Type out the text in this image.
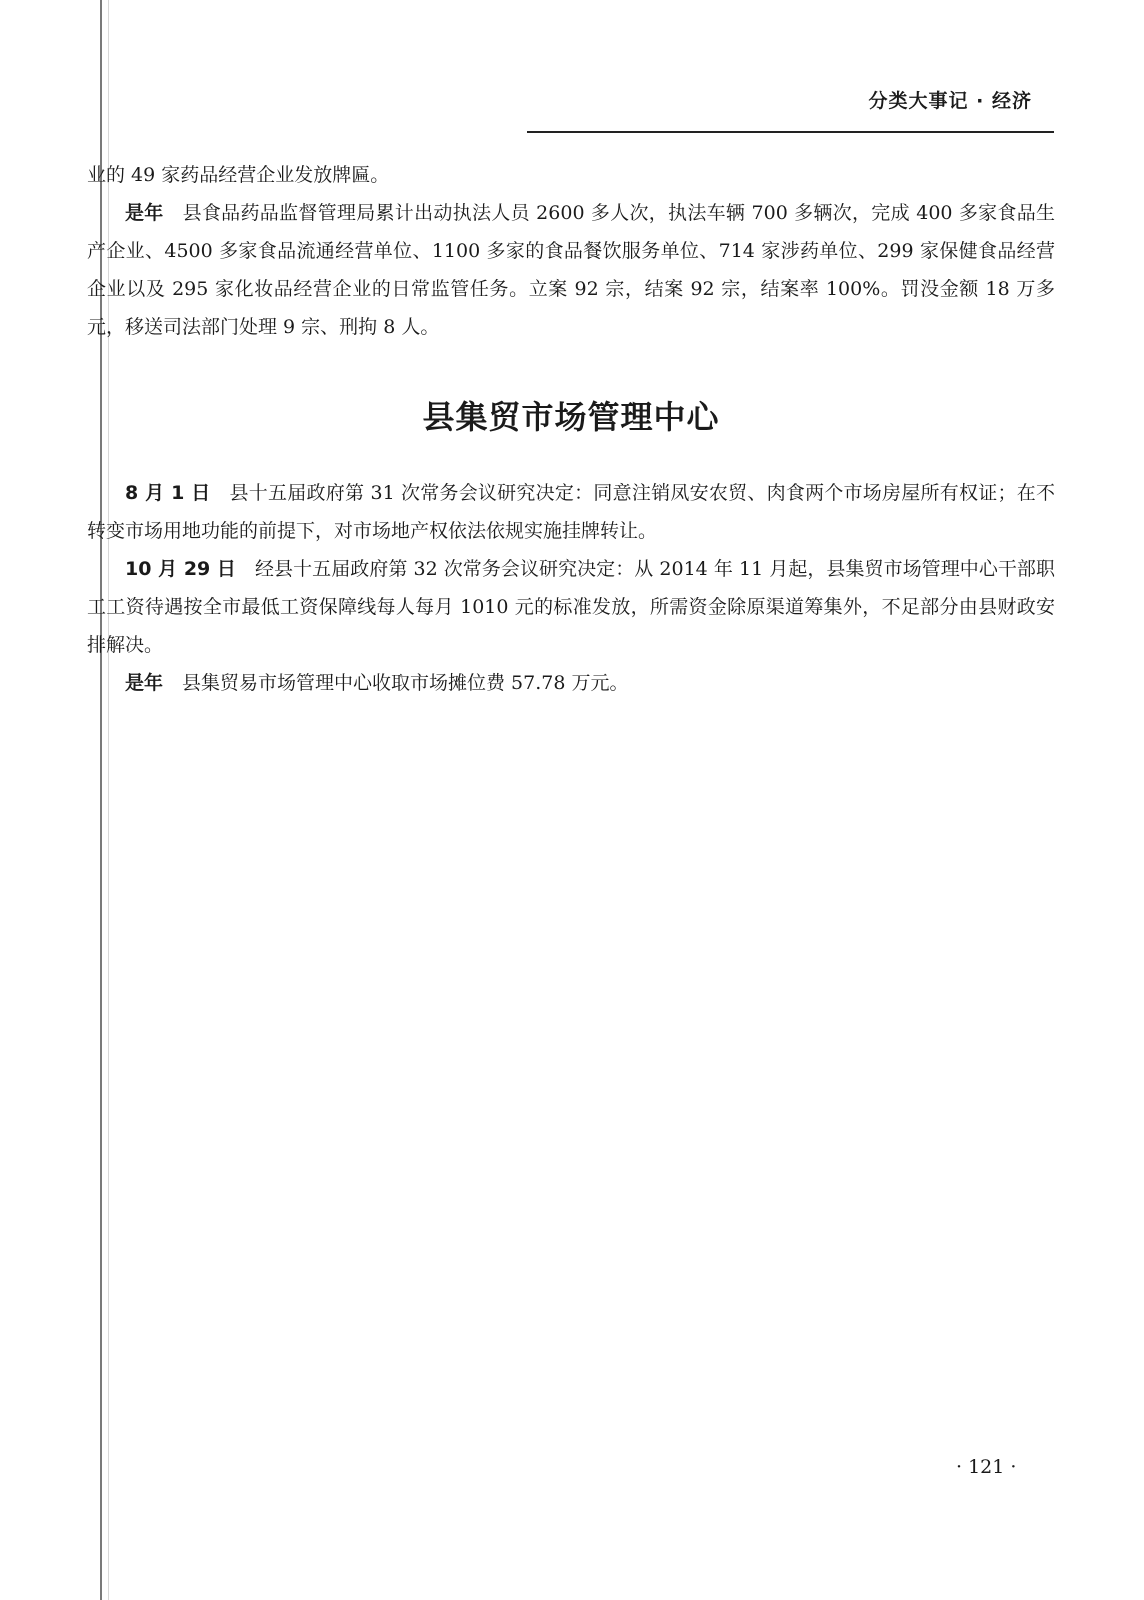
分类大事记 · 经济

业的 49 家药品经营企业发放牌匾。

是年 县食品药品监督管理局累计出动执法人员 2600 多人次，执法车辆 700 多辆次，完成 400 多家食品生产企业、4500 多家食品流通经营单位、1100 多家的食品餐饮服务单位、714 家涉药单位、299 家保健食品经营企业以及 295 家化妆品经营企业的日常监管任务。立案 92 宗，结案 92 宗，结案率 100%。罚没金额 18 万多元，移送司法部门处理 9 宗、刑拘 8 人。

县集贸市场管理中心

8 月 1 日 县十五届政府第 31 次常务会议研究决定：同意注销凤安农贸、肉食两个市场房屋所有权证；在不转变市场用地功能的前提下，对市场地产权依法依规实施挂牌转让。

10 月 29 日 经县十五届政府第 32 次常务会议研究决定：从 2014 年 11 月起，县集贸市场管理中心干部职工工资待遇按全市最低工资保障线每人每月 1010 元的标准发放，所需资金除原渠道筹集外，不足部分由县财政安排解决。

是年 县集贸易市场管理中心收取市场摊位费 57.78 万元。

· 121 ·
